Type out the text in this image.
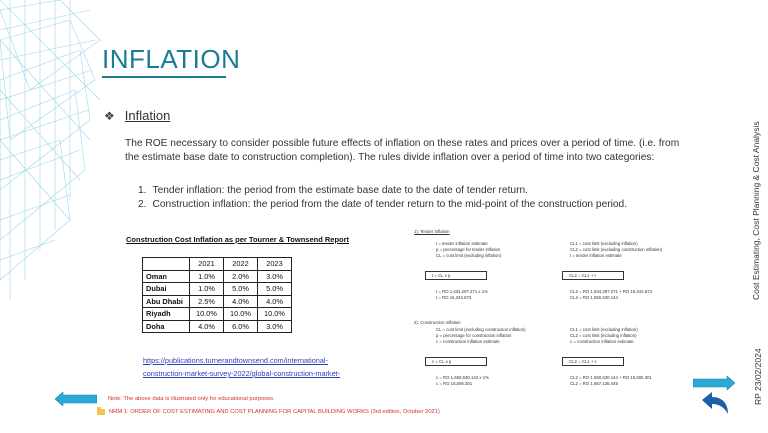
INFLATION
❖ Inflation

The ROE necessary to consider possible future effects of inflation on these rates and prices over a period of time. (i.e. from the estimate base date to construction completion). The rules divide inflation over a period of time into two categories:

1. Tender inflation: the period from the estimate base date to the date of tender return.
2. Construction inflation: the period from the date of tender return to the mid-point of the construction period.	Cost Estimating, Cost Planning & Cost Analysis
RP 23/02/2024
Construction Cost Inflation as per Tourner & Townsend Report
	2021	2022	2023
Oman	1.0%	2.0%	3.0%
Dubai	1.0%	5.0%	5.0%
Abu Dhabi	2.5%	4.0%	4.0%
Riyadh	10.0%	10.0%	10.0%
Doha	4.0%	6.0%	3.0%
https://publications.turnerandtownsend.com/international-
construction-market-survey-2022/global-construction-market-
1). Tender Inflation
t = tender inflation estimate
p = percentage for tender inflation
CL = cost limit (excluding inflation)
CL1 = cost limit (excluding inflation)
CL2 = cost limit (excluding construction inflation)
t = tender inflation estimate
t = CL x p	CL2 = CL1 + t
t = RO 1,634,287.271 x 1%
t = RO 16,342.873
CL2 = RO 1,634,287.271 + RO 16,342.873
CL2 = RO 1,650,630.144
2). Construction Inflation
CL = cost limit (excluding construction inflation)
p = percentage for construction inflation
c = construction inflation estimate
CL1 = cost limit (excluding inflation)
CL2 = cost limit (including inflation)
c = construction inflation estimate
c = CL x p	CL2 = CL1 + c
c = RO 1,650,630.144 x 1%
c = RO 16,506.301
CL2 = RO 1,650,630.144 + RO 16,506.301
CL2 = RO 1,667,136.445
Note: The above data is illustrated only for educational purposes.
NRM 1: ORDER OF COST ESTIMATING AND COST PLANNING FOR CAPITAL BUILDING WORKS (3rd edition, October 2021)
